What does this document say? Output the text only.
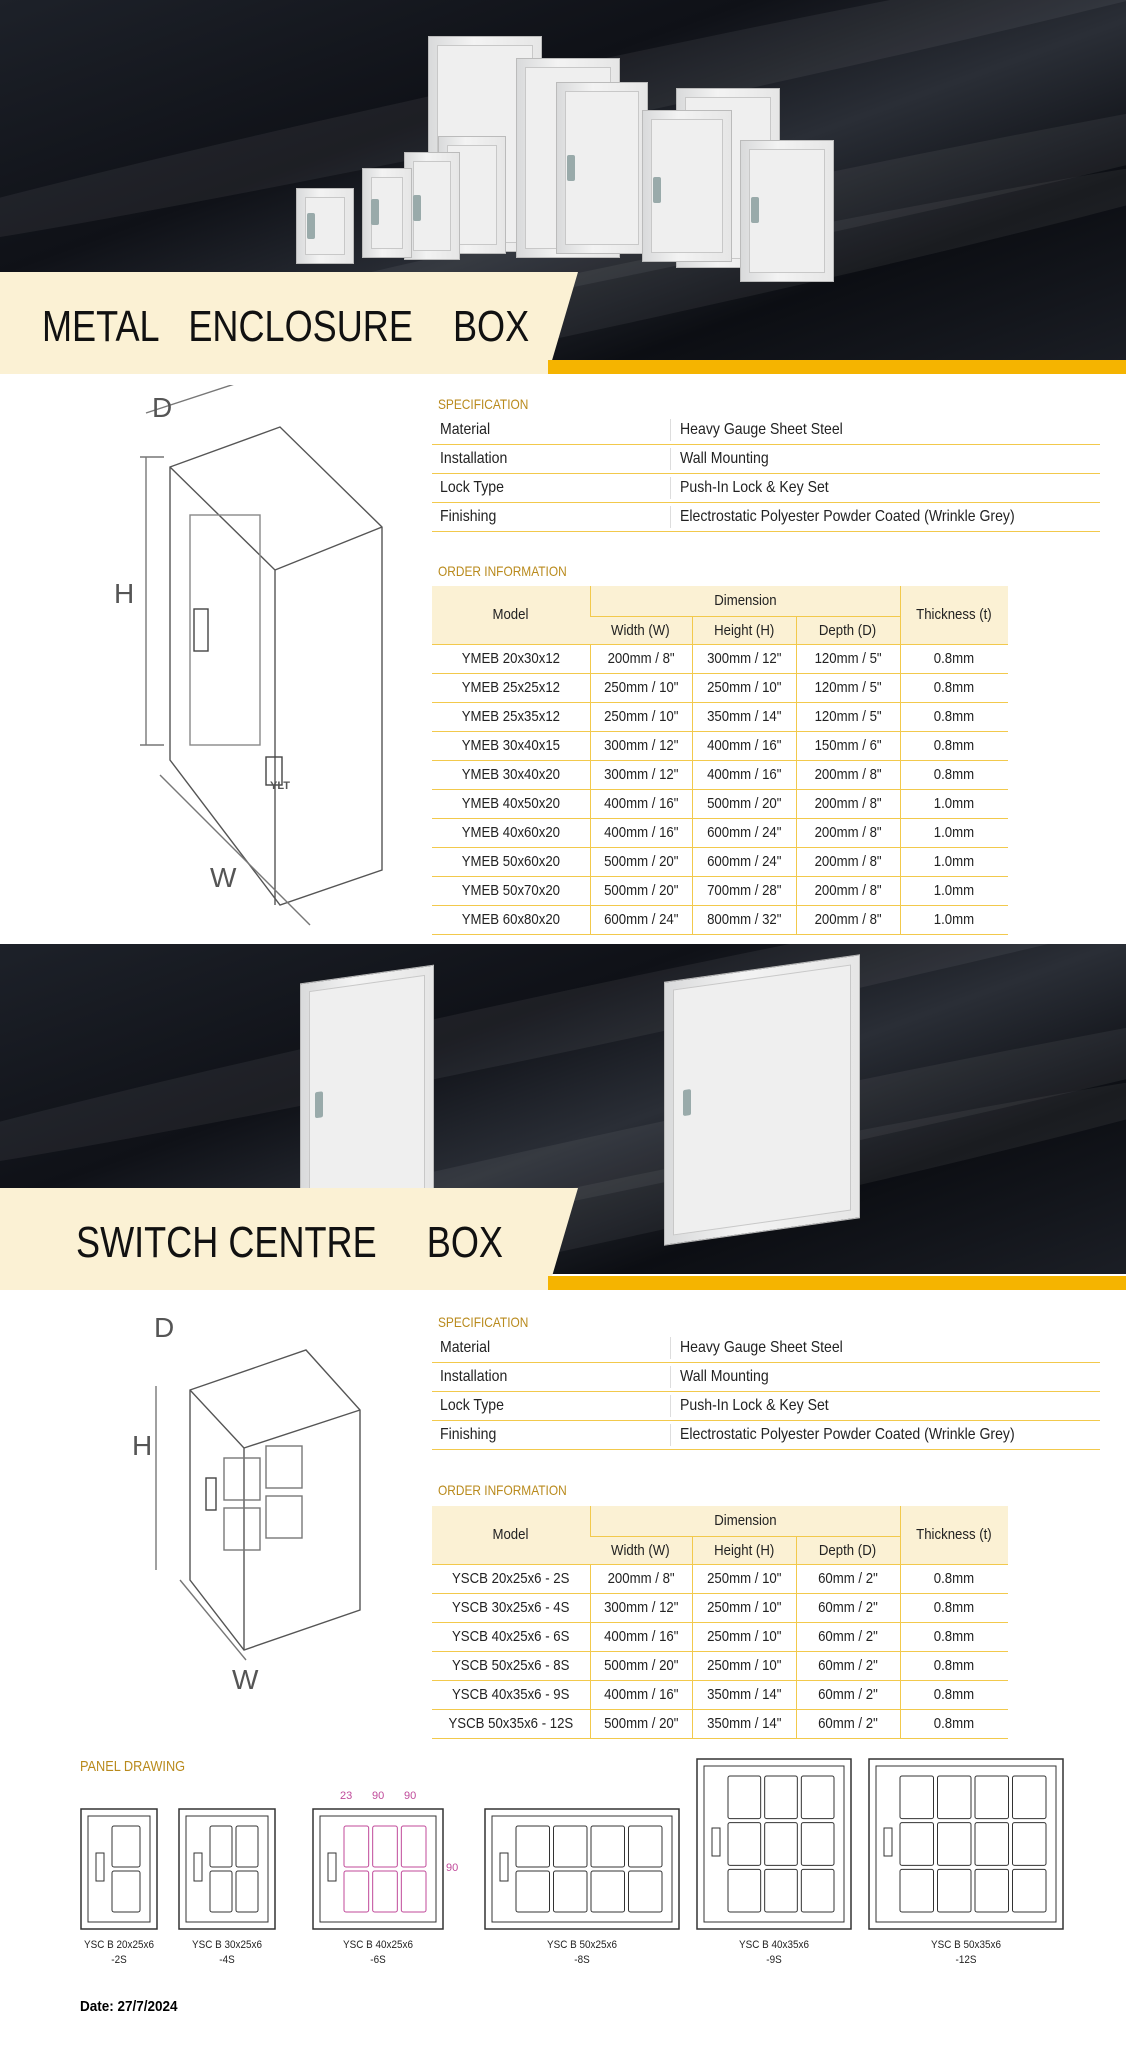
METAL   ENCLOSURE    BOX
D
H
W
YLT
SPECIFICATION
Material	Heavy Gauge Sheet Steel
Installation	Wall Mounting
Lock Type	Push-In Lock & Key Set
Finishing	Electrostatic Polyester Powder Coated (Wrinkle Grey)
ORDER INFORMATION
Model	Dimension			Thickness (t)
	Width (W)	Height (H)	Depth (D)	
YMEB 20x30x12	200mm / 8"	300mm / 12"	120mm / 5"	0.8mm
YMEB 25x25x12	250mm / 10"	250mm / 10"	120mm / 5"	0.8mm
YMEB 25x35x12	250mm / 10"	350mm / 14"	120mm / 5"	0.8mm
YMEB 30x40x15	300mm / 12"	400mm / 16"	150mm / 6"	0.8mm
YMEB 30x40x20	300mm / 12"	400mm / 16"	200mm / 8"	0.8mm
YMEB 40x50x20	400mm / 16"	500mm / 20"	200mm / 8"	1.0mm
YMEB 40x60x20	400mm / 16"	600mm / 24"	200mm / 8"	1.0mm
YMEB 50x60x20	500mm / 20"	600mm / 24"	200mm / 8"	1.0mm
YMEB 50x70x20	500mm / 20"	700mm / 28"	200mm / 8"	1.0mm
YMEB 60x80x20	600mm / 24"	800mm / 32"	200mm / 8"	1.0mm
SWITCH CENTRE     BOX
D
H
W
SPECIFICATION
Material	Heavy Gauge Sheet Steel
Installation	Wall Mounting
Lock Type	Push-In Lock & Key Set
Finishing	Electrostatic Polyester Powder Coated (Wrinkle Grey)
ORDER INFORMATION
Model	Dimension			Thickness (t)
	Width (W)	Height (H)	Depth (D)	
YSCB 20x25x6 - 2S	200mm / 8"	250mm / 10"	60mm / 2"	0.8mm
YSCB 30x25x6 - 4S	300mm / 12"	250mm / 10"	60mm / 2"	0.8mm
YSCB 40x25x6 - 6S	400mm / 16"	250mm / 10"	60mm / 2"	0.8mm
YSCB 50x25x6 - 8S	500mm / 20"	250mm / 10"	60mm / 2"	0.8mm
YSCB 40x35x6 - 9S	400mm / 16"	350mm / 14"	60mm / 2"	0.8mm
YSCB 50x35x6 - 12S	500mm / 20"	350mm / 14"	60mm / 2"	0.8mm
PANEL DRAWING
YSC B 20x25x6
-2S
YSC B 30x25x6
-4S
YSC B 40x25x6
-6S
YSC B 50x25x6
-8S
YSC B 40x35x6
-9S
YSC B 50x35x6
-12S
23 90 90
90
Date: 27/7/2024
